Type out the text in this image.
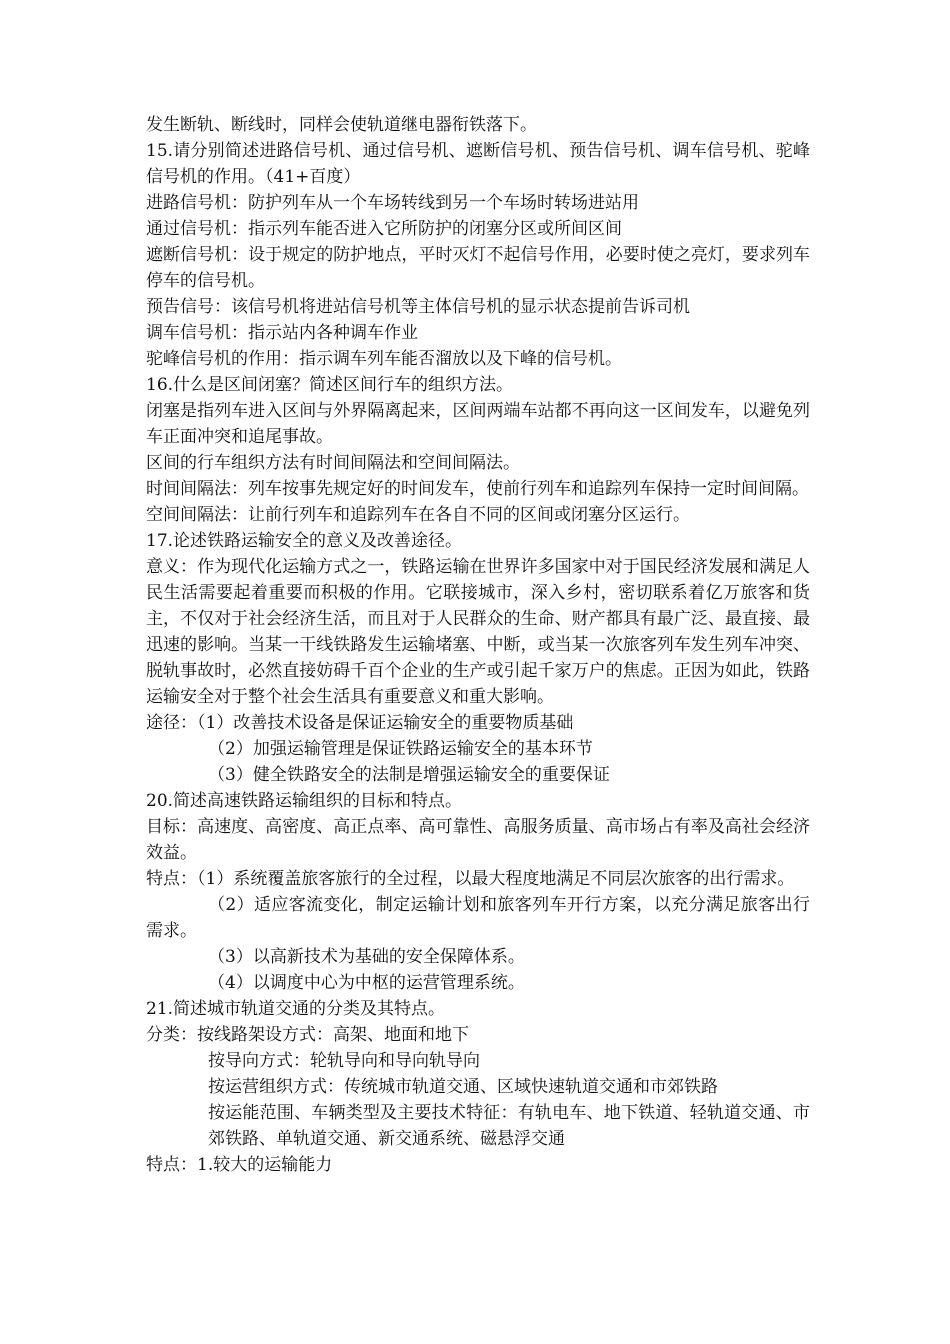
发生断轨、断线时，同样会使轨道继电器衔铁落下。

15.请分别简述进路信号机、通过信号机、遮断信号机、预告信号机、调车信号机、驼峰信号机的作用。（41+百度）

进路信号机：防护列车从一个车场转线到另一个车场时转场进站用

通过信号机：指示列车能否进入它所防护的闭塞分区或所间区间

遮断信号机：设于规定的防护地点，平时灭灯不起信号作用，必要时使之亮灯，要求列车停车的信号机。

预告信号：该信号机将进站信号机等主体信号机的显示状态提前告诉司机

调车信号机：指示站内各种调车作业

驼峰信号机的作用：指示调车列车能否溜放以及下峰的信号机。

16.什么是区间闭塞？简述区间行车的组织方法。

闭塞是指列车进入区间与外界隔离起来，区间两端车站都不再向这一区间发车，以避免列车正面冲突和追尾事故。

区间的行车组织方法有时间间隔法和空间间隔法。

时间间隔法：列车按事先规定好的时间发车，使前行列车和追踪列车保持一定时间间隔。

空间间隔法：让前行列车和追踪列车在各自不同的区间或闭塞分区运行。

17.论述铁路运输安全的意义及改善途径。

意义：作为现代化运输方式之一，铁路运输在世界许多国家中对于国民经济发展和满足人民生活需要起着重要而积极的作用。它联接城市，深入乡村，密切联系着亿万旅客和货主，不仅对于社会经济生活，而且对于人民群众的生命、财产都具有最广泛、最直接、最迅速的影响。当某一干线铁路发生运输堵塞、中断，或当某一次旅客列车发生列车冲突、脱轨事故时，必然直接妨碍千百个企业的生产或引起千家万户的焦虑。正因为如此，铁路运输安全对于整个社会生活具有重要意义和重大影响。

途径：（1）改善技术设备是保证运输安全的重要物质基础

（2）加强运输管理是保证铁路运输安全的基本环节

（3）健全铁路安全的法制是增强运输安全的重要保证

20.简述高速铁路运输组织的目标和特点。

目标：高速度、高密度、高正点率、高可靠性、高服务质量、高市场占有率及高社会经济效益。

特点：（1）系统覆盖旅客旅行的全过程，以最大程度地满足不同层次旅客的出行需求。

（2）适应客流变化，制定运输计划和旅客列车开行方案，以充分满足旅客出行需求。

（3）以高新技术为基础的安全保障体系。

（4）以调度中心为中枢的运营管理系统。

21.简述城市轨道交通的分类及其特点。

分类：按线路架设方式：高架、地面和地下

按导向方式：轮轨导向和导向轨导向

按运营组织方式：传统城市轨道交通、区域快速轨道交通和市郊铁路

按运能范围、车辆类型及主要技术特征：有轨电车、地下铁道、轻轨道交通、市郊铁路、单轨道交通、新交通系统、磁悬浮交通

特点：1.较大的运输能力
